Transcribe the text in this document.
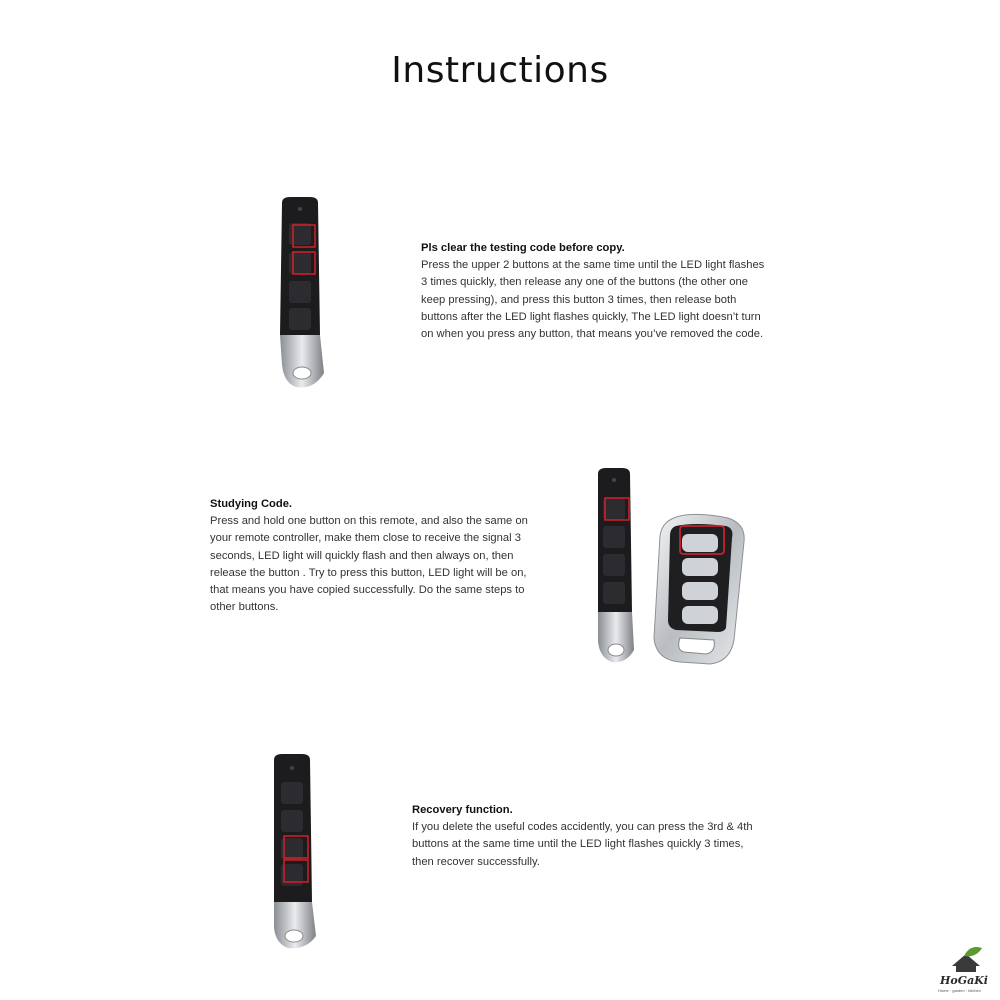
Instructions
Pls clear the testing code before copy.
Press the upper 2 buttons at the same time until the LED light flashes
3 times quickly, then release any one of the buttons (the other one
keep pressing), and press this button 3 times, then release both
buttons after the LED light flashes quickly, The LED light doesn’t turn
on when you press any button, that means you’ve removed the code.
Studying Code.
Press and hold one button on this remote, and also the same on
your remote controller, make them close to receive the signal 3
seconds, LED light will quickly flash and then always on, then
release the button . Try to press this button, LED light will be on,
that means you have copied successfully. Do the same steps to
other buttons.
Recovery function.
If you delete the useful codes accidently, you can press the 3rd & 4th
buttons at the same time until the LED light flashes quickly 3 times,
then recover successfully.
HoGaKi
Home · garden · kitchen
